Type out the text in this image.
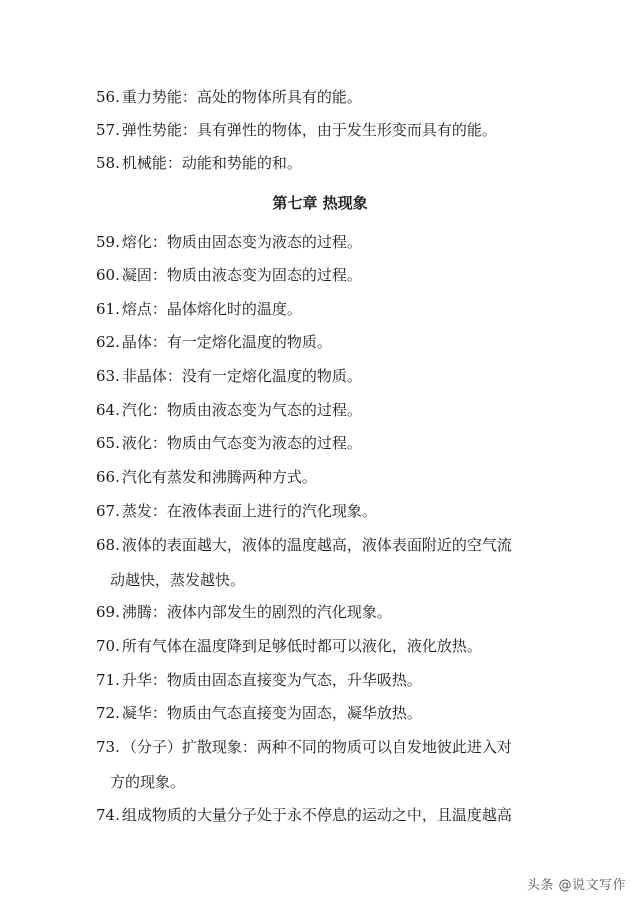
56. 重力势能：高处的物体所具有的能。
57. 弹性势能：具有弹性的物体，由于发生形变而具有的能。
58. 机械能：动能和势能的和。
第七章 热现象
59. 熔化：物质由固态变为液态的过程。
60. 凝固：物质由液态变为固态的过程。
61. 熔点：晶体熔化时的温度。
62. 晶体：有一定熔化温度的物质。
63. 非晶体：没有一定熔化温度的物质。
64. 汽化：物质由液态变为气态的过程。
65. 液化：物质由气态变为液态的过程。
66. 汽化有蒸发和沸腾两种方式。
67. 蒸发：在液体表面上进行的汽化现象。
68. 液体的表面越大，液体的温度越高，液体表面附近的空气流
动越快，蒸发越快。
69. 沸腾：液体内部发生的剧烈的汽化现象。
70. 所有气体在温度降到足够低时都可以液化，液化放热。
71. 升华：物质由固态直接变为气态，升华吸热。
72. 凝华：物质由气态直接变为固态，凝华放热。
73. （分子）扩散现象：两种不同的物质可以自发地彼此进入对
方的现象。
74. 组成物质的大量分子处于永不停息的运动之中，且温度越高
头条 @说文写作
